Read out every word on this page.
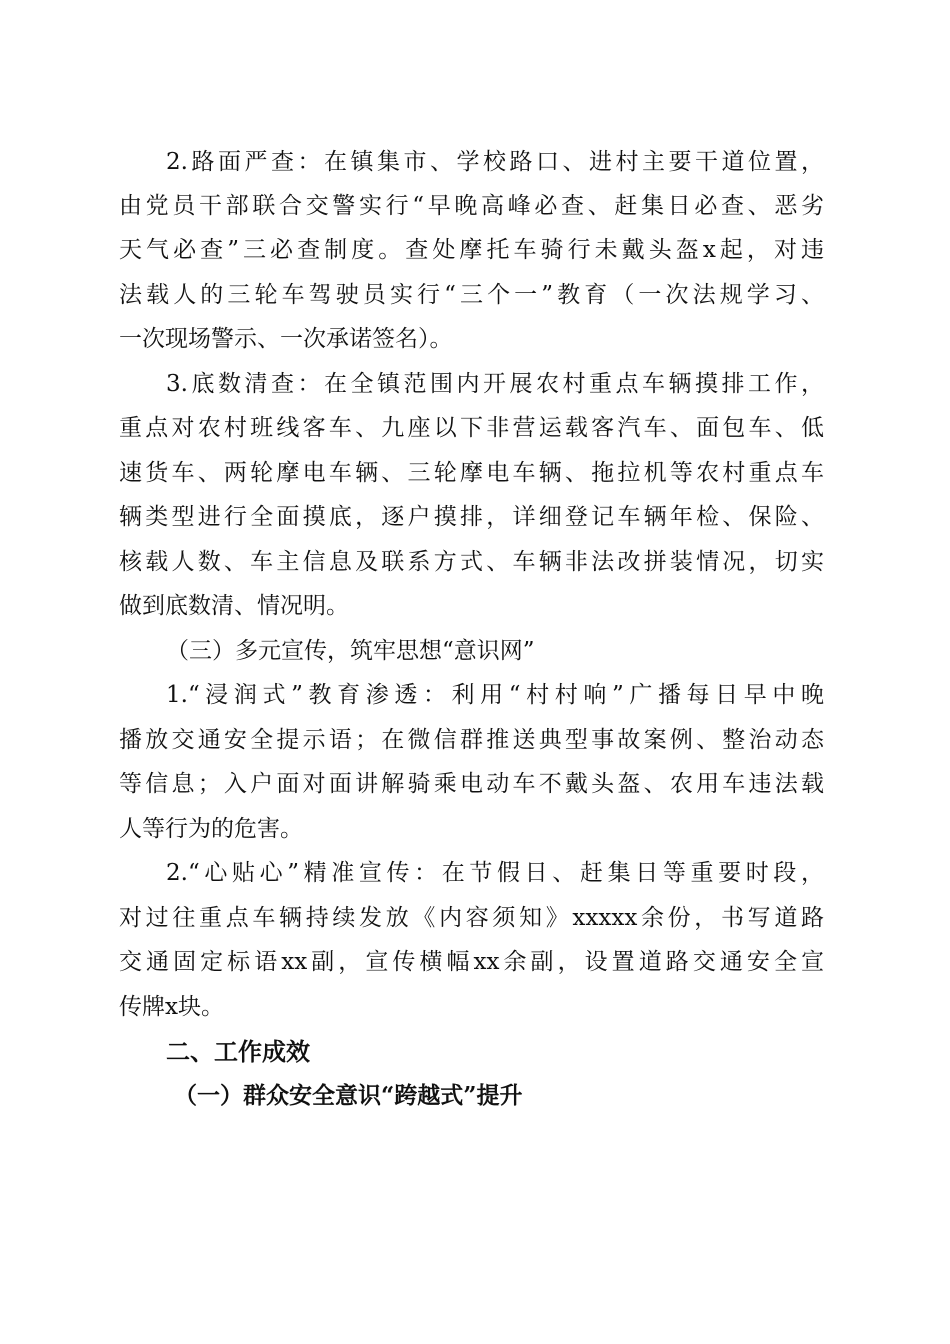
2.路面严查：在镇集市、学校路口、进村主要干道位置，
由党员干部联合交警实行“早晚高峰必查、赶集日必查、恶劣
天气必查”三必查制度。查处摩托车骑行未戴头盔x起，对违
法载人的三轮车驾驶员实行“三个一”教育（一次法规学习、
一次现场警示、一次承诺签名）。
3.底数清查：在全镇范围内开展农村重点车辆摸排工作，
重点对农村班线客车、九座以下非营运载客汽车、面包车、低
速货车、两轮摩电车辆、三轮摩电车辆、拖拉机等农村重点车
辆类型进行全面摸底，逐户摸排，详细登记车辆年检、保险、
核载人数、车主信息及联系方式、车辆非法改拼装情况，切实
做到底数清、情况明。
（三）多元宣传，筑牢思想“意识网”
1.“浸润式”教育渗透：利用“村村响”广播每日早中晚
播放交通安全提示语；在微信群推送典型事故案例、整治动态
等信息；入户面对面讲解骑乘电动车不戴头盔、农用车违法载
人等行为的危害。
2.“心贴心”精准宣传：在节假日、赶集日等重要时段，
对过往重点车辆持续发放《内容须知》xxxxx余份，书写道路
交通固定标语xx副，宣传横幅xx余副，设置道路交通安全宣
传牌x块。
二、工作成效
（一）群众安全意识“跨越式”提升
